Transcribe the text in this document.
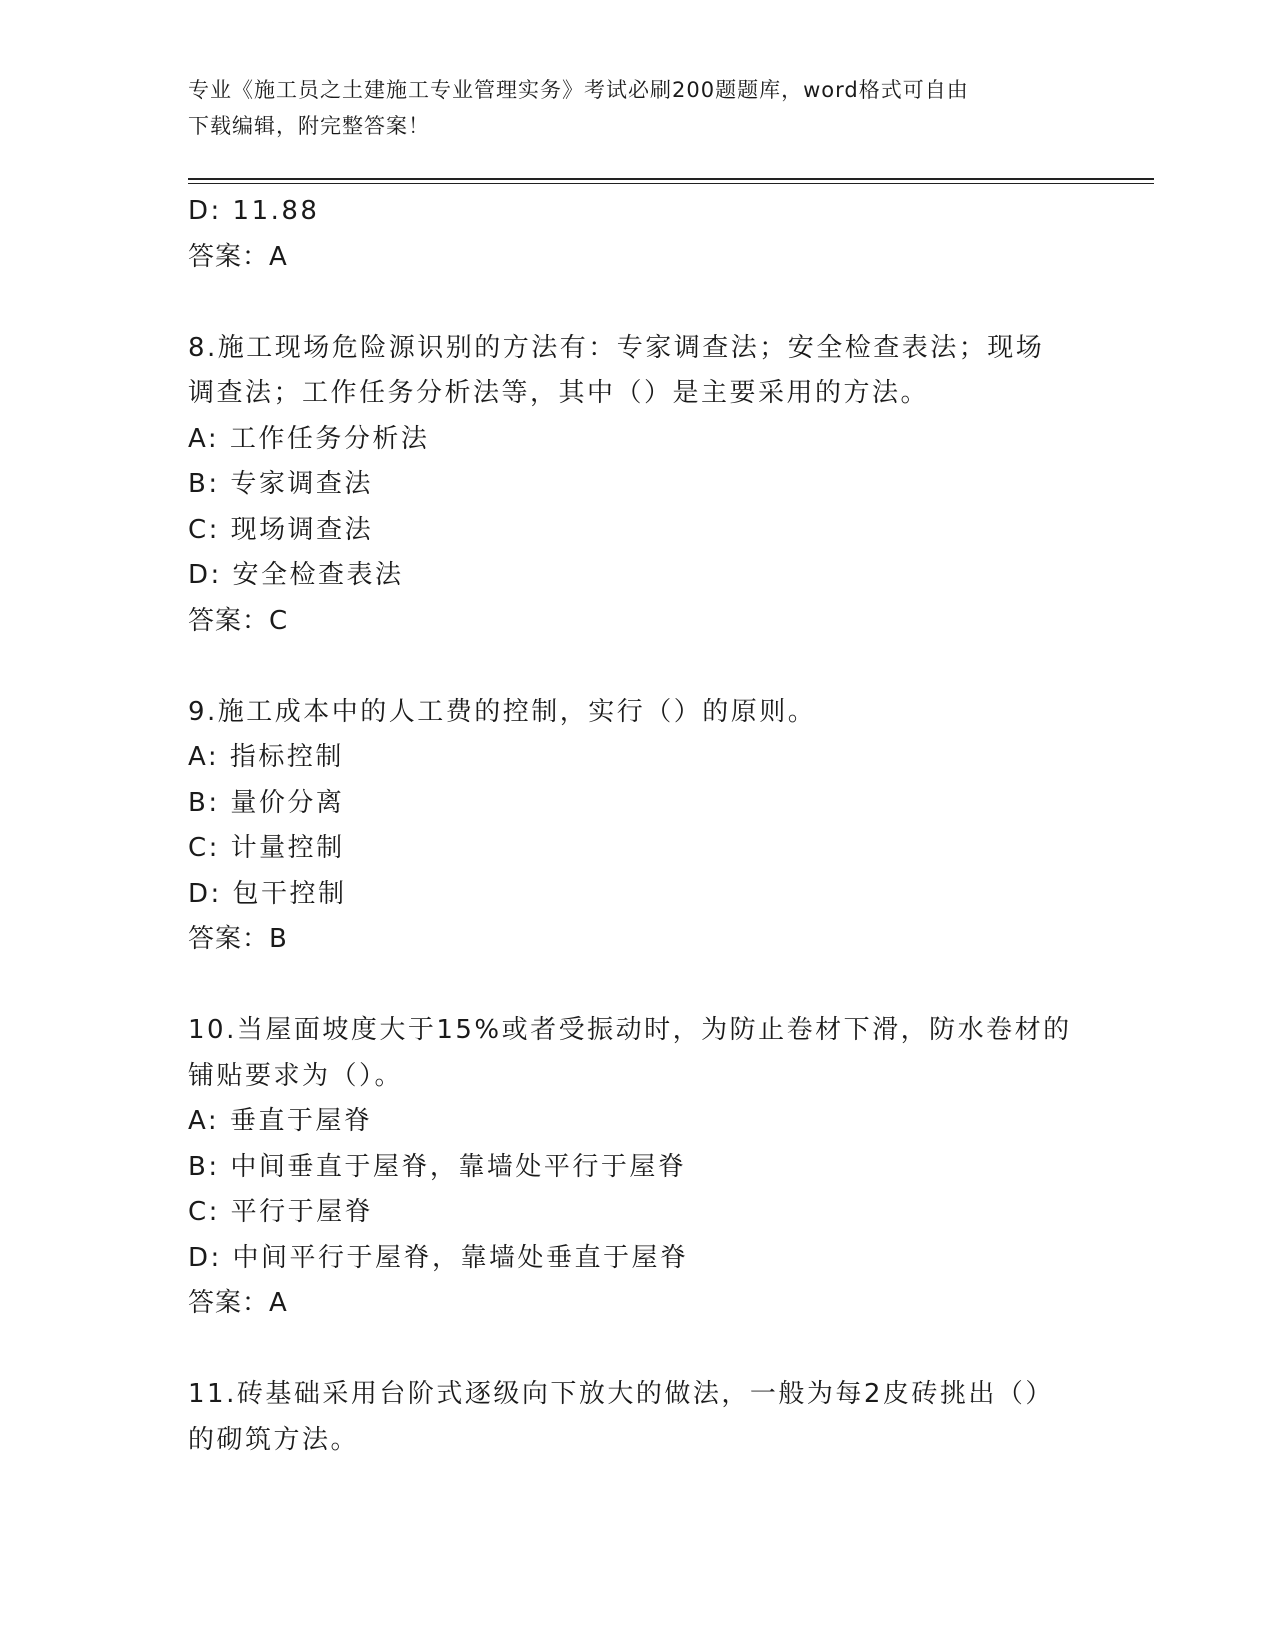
专业《施工员之土建施工专业管理实务》考试必刷200题题库，word格式可自由
下载编辑，附完整答案！
D: 11.88
答案：A
8.施工现场危险源识别的方法有：专家调查法；安全检查表法；现场
调查法；工作任务分析法等，其中（）是主要采用的方法。
A: 工作任务分析法
B: 专家调查法
C: 现场调查法
D: 安全检查表法
答案：C
9.施工成本中的人工费的控制，实行（）的原则。
A: 指标控制
B: 量价分离
C: 计量控制
D: 包干控制
答案：B
10.当屋面坡度大于15%或者受振动时，为防止卷材下滑，防水卷材的
铺贴要求为（）。
A: 垂直于屋脊
B: 中间垂直于屋脊，靠墙处平行于屋脊
C: 平行于屋脊
D: 中间平行于屋脊，靠墙处垂直于屋脊
答案：A
11.砖基础采用台阶式逐级向下放大的做法，一般为每2皮砖挑出（）
的砌筑方法。
